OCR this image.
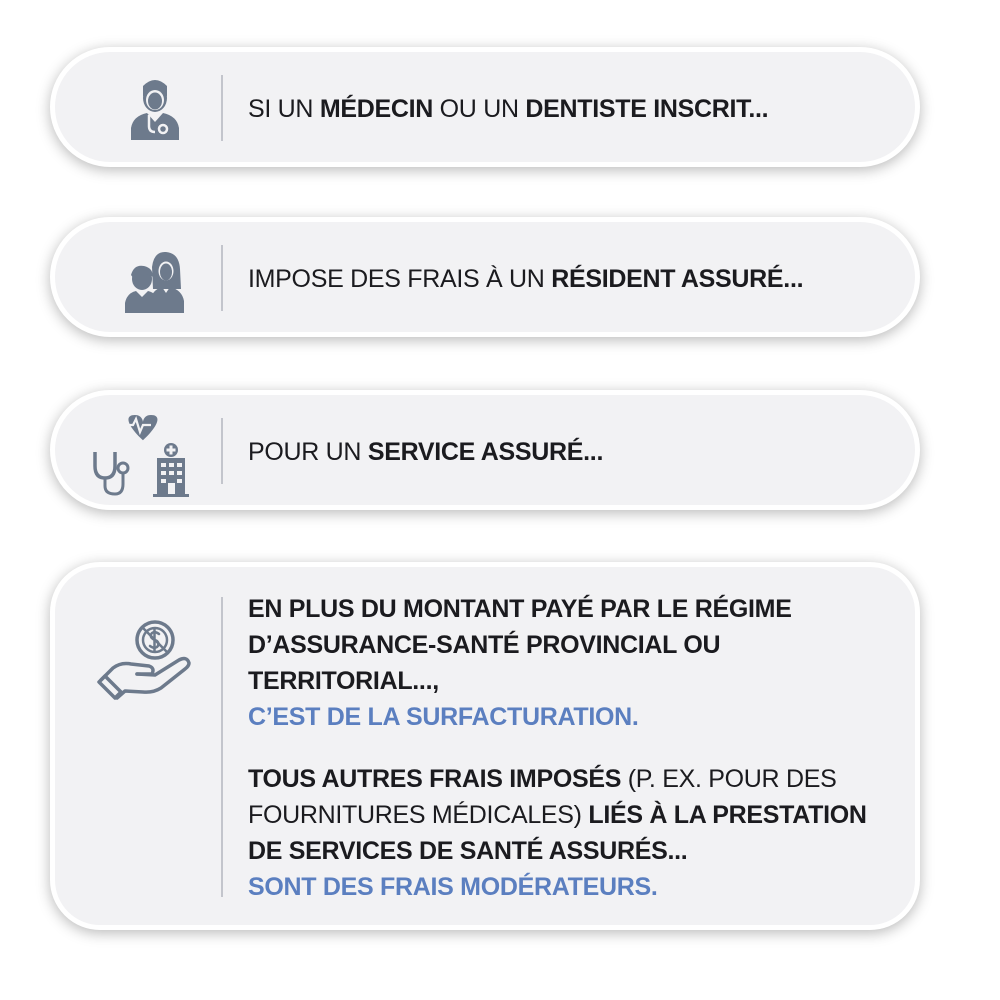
SI UN MÉDECIN OU UN DENTISTE INSCRIT...
IMPOSE DES FRAIS À UN RÉSIDENT ASSURÉ...
POUR UN SERVICE ASSURÉ...
EN PLUS DU MONTANT PAYÉ PAR LE RÉGIME
D’ASSURANCE-SANTÉ PROVINCIAL OU
TERRITORIAL...,
C’EST DE LA SURFACTURATION.
TOUS AUTRES FRAIS IMPOSÉS (P. EX. POUR DES
FOURNITURES MÉDICALES) LIÉS À LA PRESTATION
DE SERVICES DE SANTÉ ASSURÉS...
SONT DES FRAIS MODÉRATEURS.
